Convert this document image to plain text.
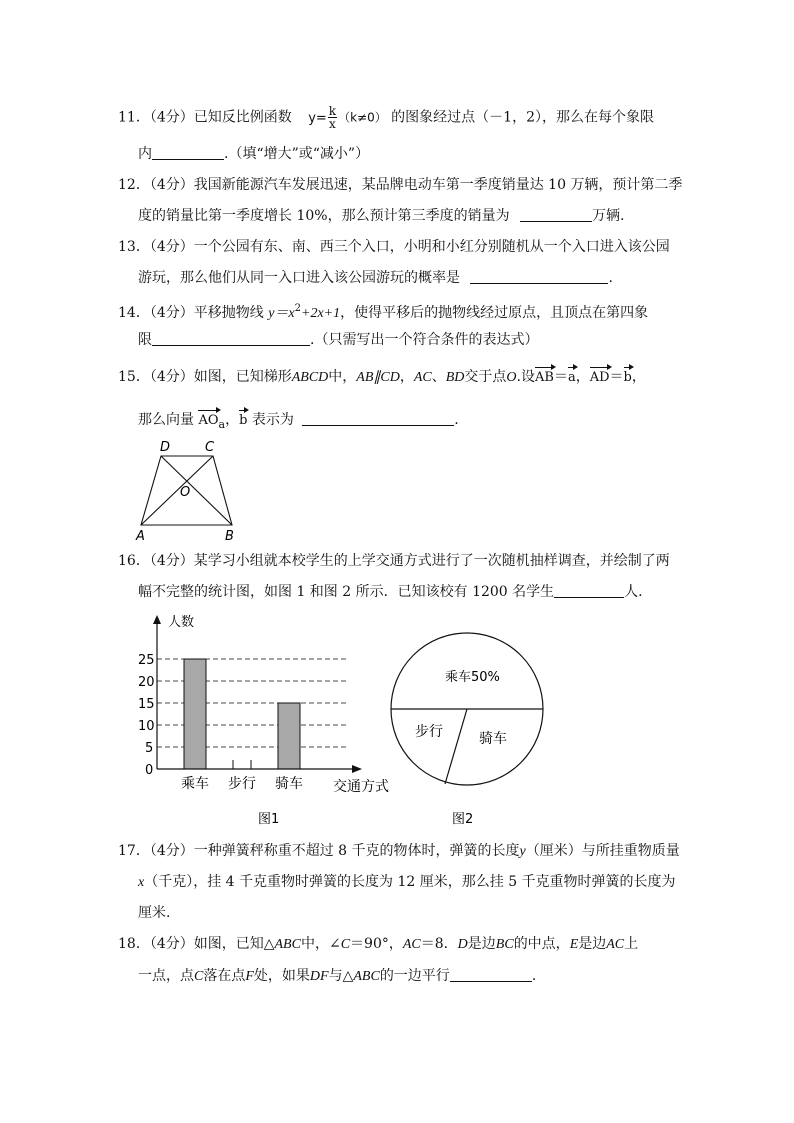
11．（4分）已知反比例函数 $y= \frac{k}{x} (k\ne 0)$ 的图象经过点（－1，2），那么在每个象限
内	.（填“增大”或“减小”）
12．（4分）我国新能源汽车发展迅速，某品牌电动车第一季度销量达 10 万辆，预计第二季
度的销量比第一季度增长 10%，那么预计第三季度的销量为	万辆.
13．（4分）一个公园有东、南、西三个入口，小明和小红分别随机从一个入口进入该公园
游玩，那么他们从同一入口进入该公园游玩的概率是	.
14．（4分）平移抛物线 $y=x^2+2x+1$，使得平移后的抛物线经过原点，且顶点在第四象
限	.（只需写出一个符合条件的表达式）
15．（4分）如图，已知梯形ABCD中，AB∥CD，AC、BD交于点O.设AB＝a，AD＝b，
那么向量 $AO_a$，b 表示为	.
D	C
O
A	B
16．（4分）某学习小组就本校学生的上学交通方式进行了一次随机抽样调查，并绘制了两
幅不完整的统计图，如图 1 和图 2 所示．已知该校有 1200 名学生	人.
人数
0
5
10
15
20
25
乘车 步行 骑车 交通方式
图1
乘车50%
步行	骑车
图2
17．（4分）一种弹簧秤称重不超过 8 千克的物体时，弹簧的长度y（厘米）与所挂重物质量
x（千克），挂 4 千克重物时弹簧的长度为 12 厘米，那么挂 5 千克重物时弹簧的长度为
厘米.
18．（4分）如图，已知△ABC中，∠C＝90°，AC＝8．D是边BC的中点，E是边AC上
一点，点C落在点F处，如果DF与△ABC的一边平行	.
